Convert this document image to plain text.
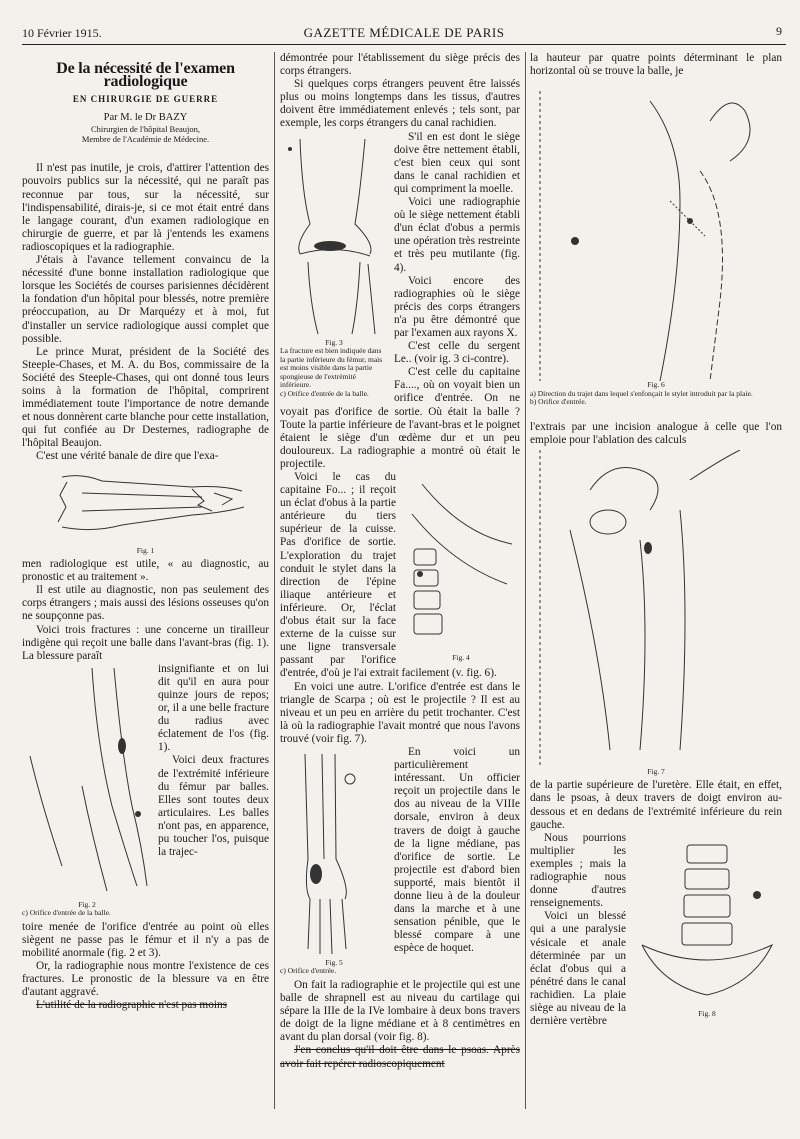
10 Février 1915.	GAZETTE MÉDICALE DE PARIS	9

De la nécessité de l'examen radiologique

EN CHIRURGIE DE GUERRE

Par M. le Dr BAZY

Chirurgien de l'hôpital Beaujon,

Membre de l'Académie de Médecine.

Il n'est pas inutile, je crois, d'attirer l'attention des pouvoirs publics sur la nécessité, qui ne paraît pas reconnue par tous, sur la nécessité, sur l'indispensabilité, dirais-je, si ce mot était entré dans le langage courant, d'un examen radiologique en chirurgie de guerre, et par là j'entends les examens radioscopiques et la radiographie.

J'étais à l'avance tellement convaincu de la nécessité d'une bonne installation radiologique que lorsque les Sociétés de courses parisiennes décidèrent la fondation d'un hôpital pour blessés, notre première préoccupation, au Dr Marquézy et à moi, fut d'installer un service radiologique aussi complet que possible.

Le prince Murat, président de la Société des Steeple-Chases, et M. A. du Bos, commissaire de la Société des Steeple-Chases, qui ont donné tous leurs soins à la formation de l'hôpital, comprirent immédiatement toute l'importance de notre demande et nous donnèrent carte blanche pour cette installation, qui fut confiée au Dr Desternes, radiographe de l'hôpital Beaujon.

C'est une vérité banale de dire que l'exa-

Fig. 1

men radiologique est utile, « au diagnostic, au pronostic et au traitement ».

Il est utile au diagnostic, non pas seulement des corps étrangers ; mais aussi des lésions osseuses qu'on ne soupçonne pas.

Voici trois fractures : une concerne un tirailleur indigène qui reçoit une balle dans l'avant-bras (fig. 1). La blessure paraît

Fig. 2
c) Orifice d'entrée de la balle.

insignifiante et on lui dit qu'il en aura pour quinze jours de repos; or, il a une belle fracture du radius avec éclatement de l'os (fig. 1).

Voici deux fractures de l'extrémité inférieure du fémur par balles. Elles sont toutes deux articulaires. Les balles n'ont pas, en apparence, pu toucher l'os, puisque la trajec-

toire menée de l'orifice d'entrée au point où elles siègent ne passe pas le fémur et il n'y a pas de mobilité anormale (fig. 2 et 3).

Or, la radiographie nous montre l'existence de ces fractures. Le pronostic de la blessure va en être d'autant aggravé.

L'utilité de la radiographie n'est pas moins

démontrée pour l'établissement du siège précis des corps étrangers.

Si quelques corps étrangers peuvent être laissés plus ou moins longtemps dans les tissus, d'autres doivent être immédiatement enlevés ; tels sont, par exemple, les corps étrangers du canal rachidien.

Fig. 3
La fracture est bien indiquée dans la partie inférieure du fémur, mais est moins visible dans la partie spongieuse de l'extrémité inférieure.
c) Orifice d'entrée de la balle.

S'il en est dont le siège doive être nettement établi, c'est bien ceux qui sont dans le canal rachidien et qui compriment la moelle.

Voici une radiographie où le siège nettement établi d'un éclat d'obus a permis une opération très restreinte et très peu mutilante (fig. 4).

Voici encore des radiographies où le siège précis des corps étrangers n'a pu être démontré que par l'examen aux rayons X.

C'est celle du sergent Le.. (voir ig. 3 ci-contre).

C'est celle du capitaine Fa...., où on voyait bien un orifice d'entrée. On ne voyait pas d'orifice de sortie. Où était la balle ? Toute la partie inférieure de l'avant-bras et le poignet étaient le siège d'un œdème dur et un peu douloureux. La radiographie a montré où était le projectile.

Fig. 4

Voici le cas du capitaine Fo... ; il reçoit un éclat d'obus à la partie antérieure du tiers supérieur de la cuisse. Pas d'orifice de sortie. L'exploration du trajet conduit le stylet dans la direction de l'épine iliaque antérieure et inférieure. Or, l'éclat d'obus était sur la face externe de la cuisse sur une ligne transversale passant par l'orifice d'entrée, d'où je l'ai extrait facilement (v. fig. 6).

En voici une autre. L'orifice d'entrée est dans le triangle de Scarpa ; où est le projectile ? Il est au niveau et un peu en arrière du petit trochanter. C'est là où la radiographie l'avait montré que nous l'avons trouvé (voir fig. 7).

Fig. 5
c) Orifice d'entrée.

En voici un particulièrement intéressant. Un officier reçoit un projectile dans le dos au niveau de la VIIIe dorsale, environ à deux travers de doigt à gauche de la ligne médiane, pas d'orifice de sortie. Le projectile est d'abord bien supporté, mais bientôt il donne lieu à de la douleur dans la marche et à une sensation pénible, que le blessé compare à une espèce de hoquet.

On fait la radiographie et le projectile qui est une balle de shrapnell est au niveau du cartilage qui sépare la IIIe de la IVe lombaire à deux bons travers de doigt de la ligne médiane et à 8 centimètres en avant du plan dorsal (voir fig. 8).

J'en conclus qu'il doit être dans le psoas. Après avoir fait repérer radioscopiquement

la hauteur par quatre points déterminant le plan horizontal où se trouve la balle, je

Fig. 6
a) Direction du trajet dans lequel s'enfonçait le stylet introduit par la plaie.
b) Orifice d'entrée.

l'extrais par une incision analogue à celle que l'on emploie pour l'ablation des calculs

Fig. 7

de la partie supérieure de l'uretère. Elle était, en effet, dans le psoas, à deux travers de doigt environ au-dessous et en dedans de l'extrémité inférieure du rein gauche.

Fig. 8

Nous pourrions multiplier les exemples ; mais la radiographie nous donne d'autres renseignements.

Voici un blessé qui a une paralysie vésicale et anale déterminée par un éclat d'obus qui a pénétré dans le canal rachidien. La plaie siège au niveau de la dernière vertèbre
